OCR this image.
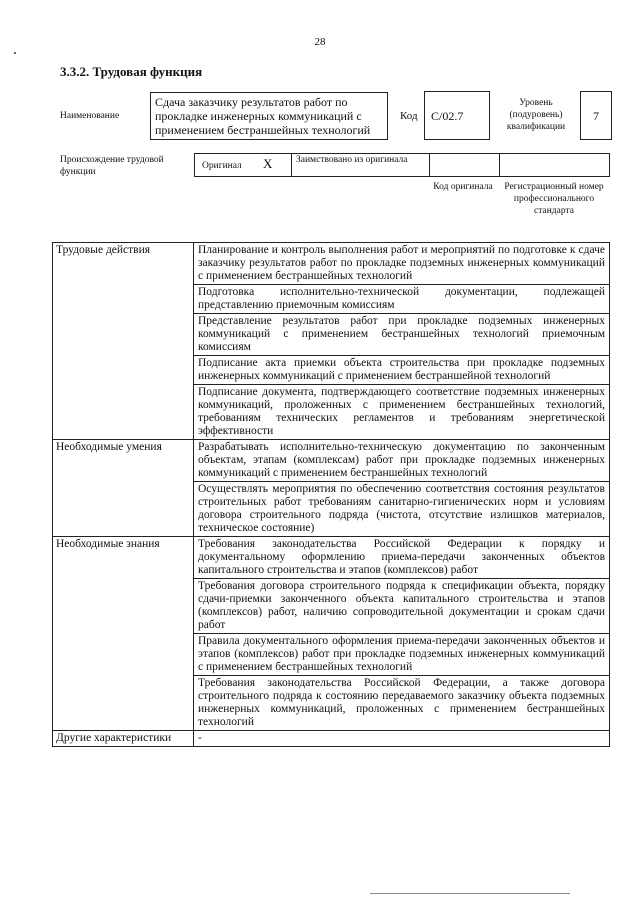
28
3.3.2. Трудовая функция
Наименование
Сдача заказчику результатов работ по прокладке инженерных коммуникаций с применением бестраншейных технологий
Код	C/02.7
Уровень (подуровень) квалификации
7
Происхождение трудовой функции
Оригинал X Заимствовано из оригинала
Код оригинала	Регистрационный номер профессионального стандарта
Трудовые действия	Планирование и контроль выполнения работ и мероприятий по подготовке к сдаче заказчику результатов работ по прокладке подземных инженерных коммуникаций с применением бестраншейных технологий
	Подготовка исполнительно-технической документации, подлежащей представлению приемочным комиссиям
	Представление результатов работ при прокладке подземных инженерных коммуникаций с применением бестраншейных технологий приемочным комиссиям
	Подписание акта приемки объекта строительства при прокладке подземных инженерных коммуникаций с применением бестраншейной технологий
	Подписание документа, подтверждающего соответствие подземных инженерных коммуникаций, проложенных с применением бестраншейных технологий, требованиям технических регламентов и требованиям энергетической эффективности
Необходимые умения	Разрабатывать исполнительно-техническую документацию по законченным объектам, этапам (комплексам) работ при прокладке подземных инженерных коммуникаций с применением бестраншейных технологий
	Осуществлять мероприятия по обеспечению соответствия состояния результатов строительных работ требованиям санитарно-гигиенических норм и условиям договора строительного подряда (чистота, отсутствие излишков материалов, техническое состояние)
Необходимые знания	Требования законодательства Российской Федерации к порядку и документальному оформлению приема-передачи законченных объектов капитального строительства и этапов (комплексов) работ
	Требования договора строительного подряда к спецификации объекта, порядку сдачи-приемки законченного объекта капитального строительства и этапов (комплексов) работ, наличию сопроводительной документации и срокам сдачи работ
	Правила документального оформления приема-передачи законченных объектов и этапов (комплексов) работ при прокладке подземных инженерных коммуникаций с применением бестраншейных технологий
	Требования законодательства Российской Федерации, а также договора строительного подряда к состоянию передаваемого заказчику объекта подземных инженерных коммуникаций, проложенных с применением бестраншейных технологий
Другие характеристики	-
